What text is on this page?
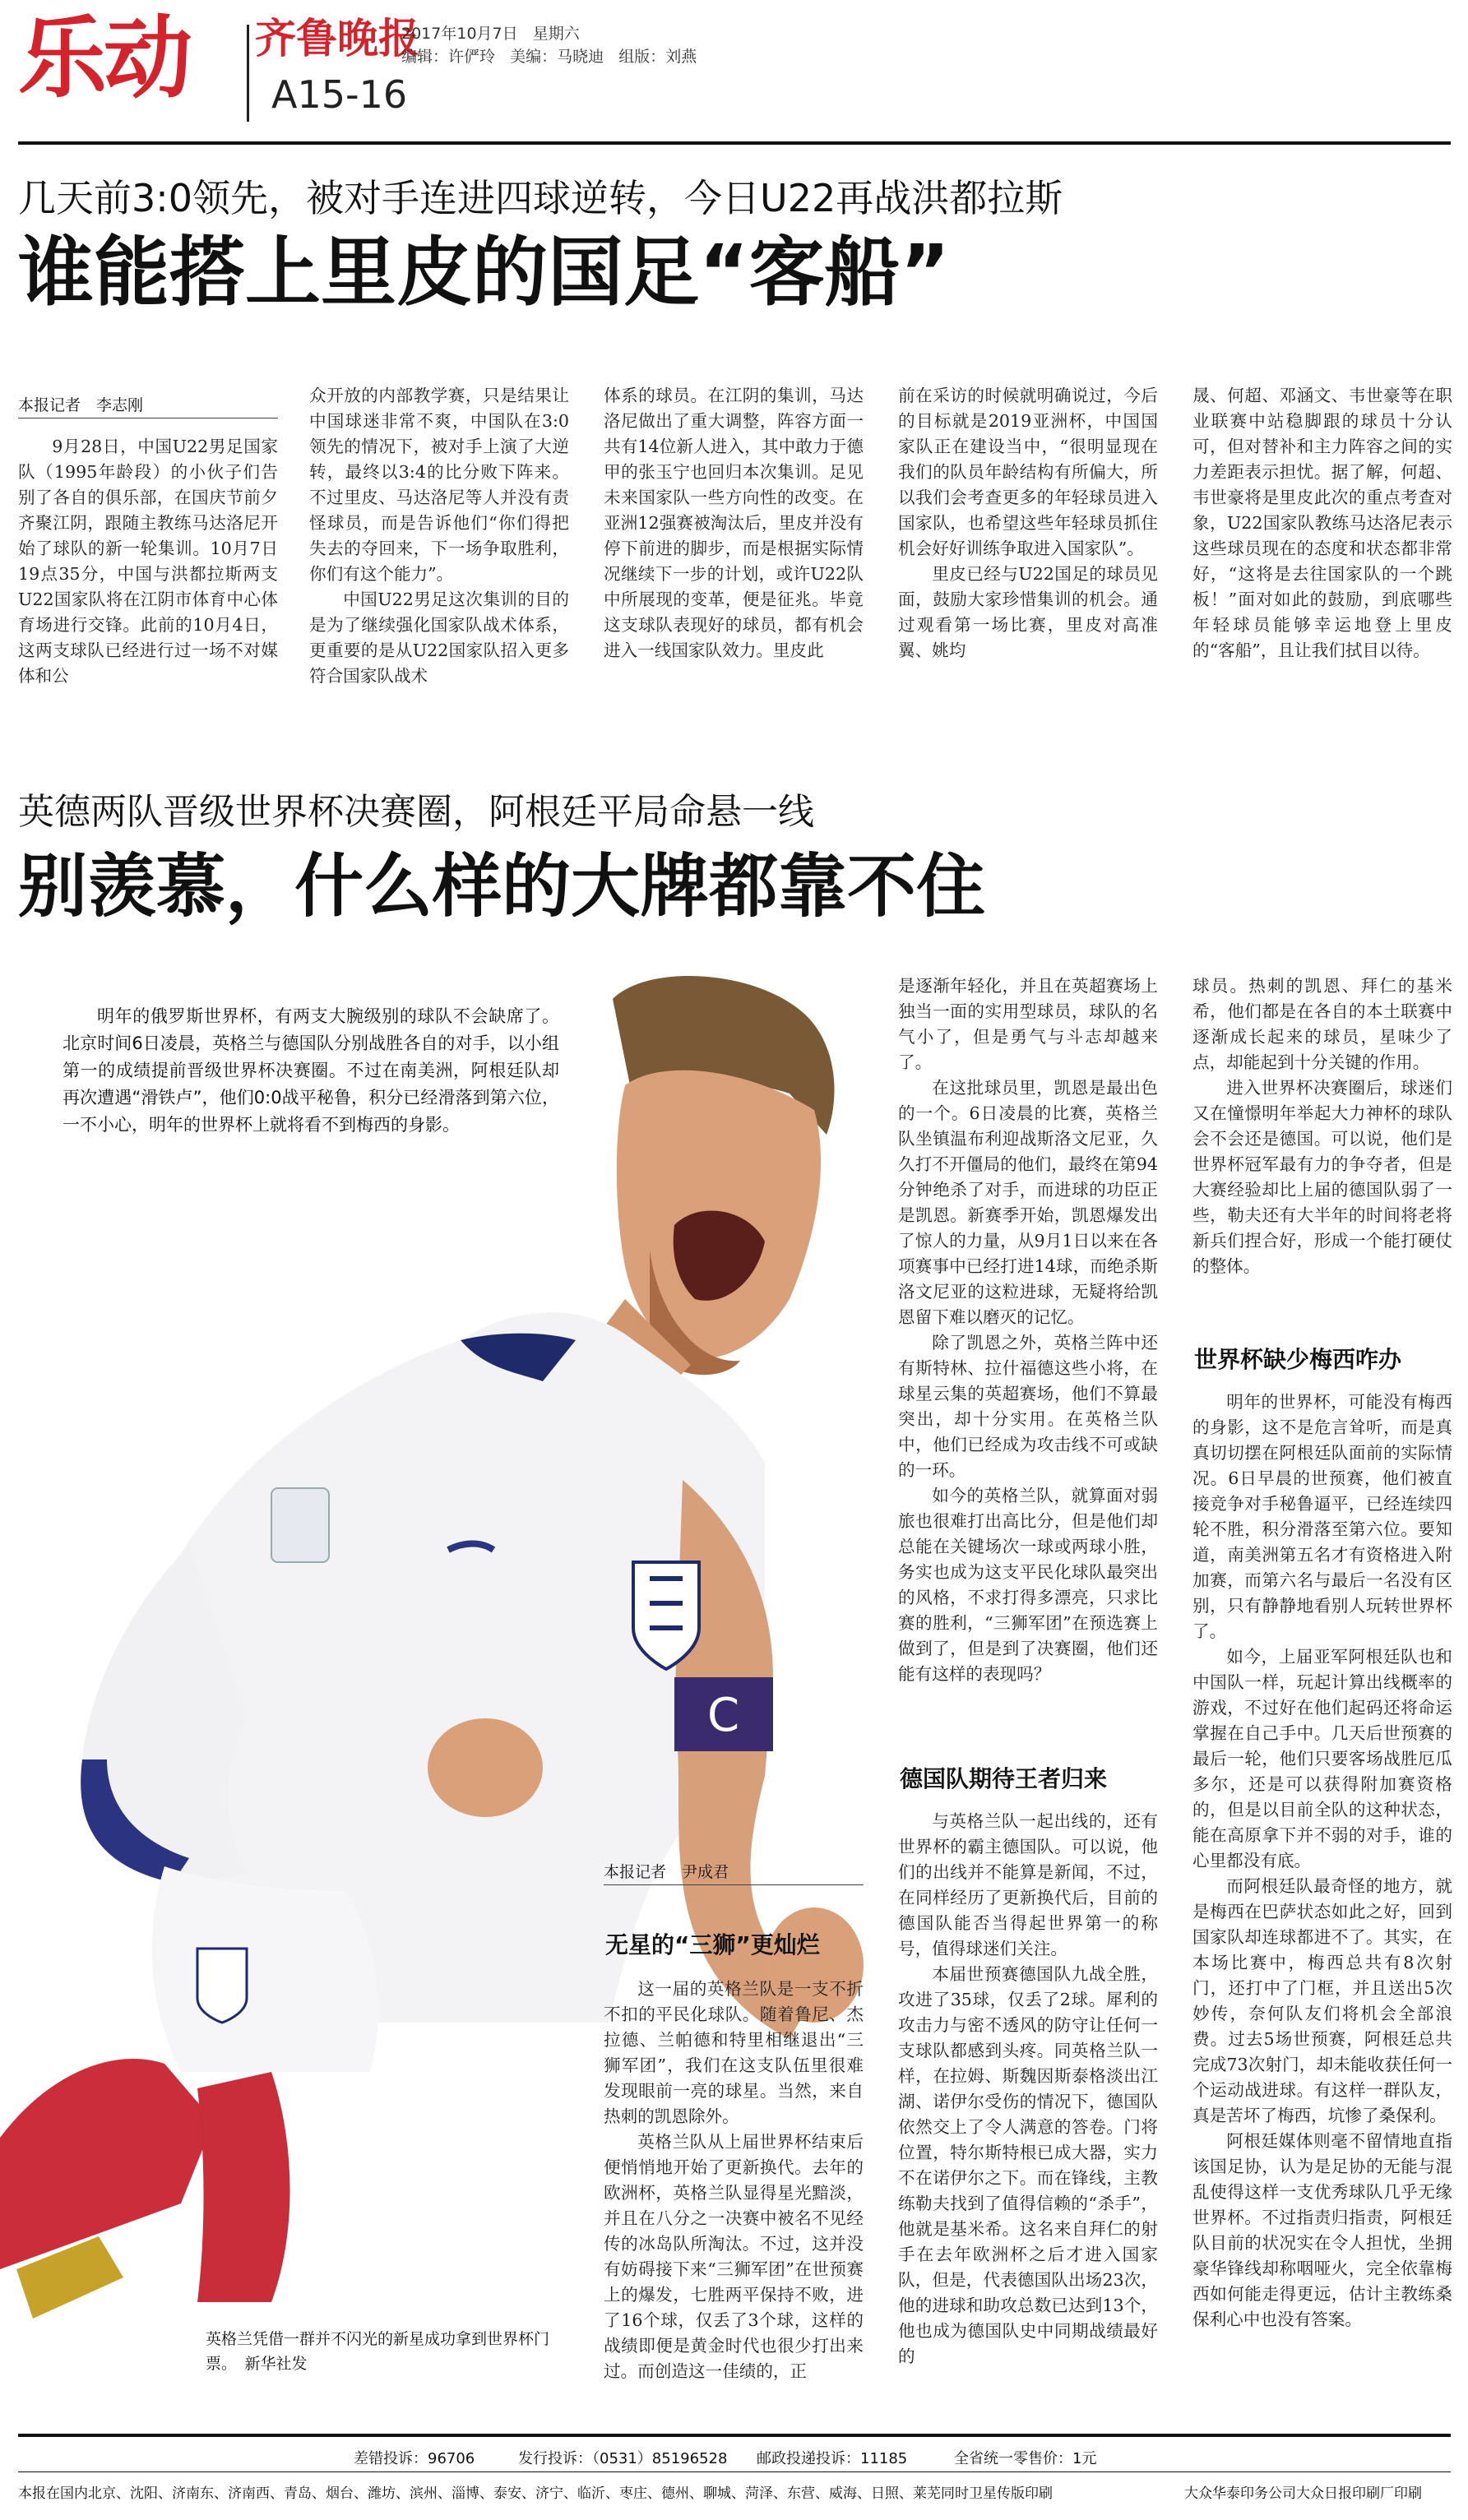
乐动 齐鲁晚报
A15-16
2017年10月7日 星期六
编辑：许俨玲 美编：马晓迪 组版：刘燕
几天前3:0领先，被对手连进四球逆转，今日U22再战洪都拉斯
谁能搭上里皮的国足“客船”
本报记者　李志刚

9月28日，中国U22男足国家队（1995年龄段）的小伙子们告别了各自的俱乐部，在国庆节前夕齐聚江阴，跟随主教练马达洛尼开始了球队的新一轮集训。10月7日19点35分，中国与洪都拉斯两支U22国家队将在江阴市体育中心体育场进行交锋。此前的10月4日，这两支球队已经进行过一场不对媒体和公

众开放的内部教学赛，只是结果让中国球迷非常不爽，中国队在3:0领先的情况下，被对手上演了大逆转，最终以3:4的比分败下阵来。不过里皮、马达洛尼等人并没有责怪球员，而是告诉他们“你们得把失去的夺回来，下一场争取胜利，你们有这个能力”。

中国U22男足这次集训的目的是为了继续强化国家队战术体系，更重要的是从U22国家队招入更多符合国家队战术

体系的球员。在江阴的集训，马达洛尼做出了重大调整，阵容方面一共有14位新人进入，其中敢力于德甲的张玉宁也回归本次集训。足见未来国家队一些方向性的改变。在亚洲12强赛被淘汰后，里皮并没有停下前进的脚步，而是根据实际情况继续下一步的计划，或许U22队中所展现的变革，便是征兆。毕竟这支球队表现好的球员，都有机会进入一线国家队效力。里皮此

前在采访的时候就明确说过，今后的目标就是2019亚洲杯，中国国家队正在建设当中，“很明显现在我们的队员年龄结构有所偏大，所以我们会考查更多的年轻球员进入国家队，也希望这些年轻球员抓住机会好好训练争取进入国家队”。

里皮已经与U22国足的球员见面，鼓励大家珍惜集训的机会。通过观看第一场比赛，里皮对高准翼、姚均

晟、何超、邓涵文、韦世豪等在职业联赛中站稳脚跟的球员十分认可，但对替补和主力阵容之间的实力差距表示担忧。据了解，何超、韦世豪将是里皮此次的重点考查对象，U22国家队教练马达洛尼表示这些球员现在的态度和状态都非常好，“这将是去往国家队的一个跳板！”面对如此的鼓励，到底哪些年轻球员能够幸运地登上里皮的“客船”，且让我们拭目以待。

英德两队晋级世界杯决赛圈，阿根廷平局命悬一线
别羡慕，什么样的大牌都靠不住
C

明年的俄罗斯世界杯，有两支大腕级别的球队不会缺席了。北京时间6日凌晨，英格兰与德国队分别战胜各自的对手，以小组第一的成绩提前晋级世界杯决赛圈。不过在南美洲，阿根廷队却再次遭遇“滑铁卢”，他们0:0战平秘鲁，积分已经滑落到第六位，一不小心，明年的世界杯上就将看不到梅西的身影。

英格兰凭借一群并不闪光的新星成功拿到世界杯门票。　新华社发
本报记者　尹成君
无星的“三狮”更灿烂

这一届的英格兰队是一支不折不扣的平民化球队。随着鲁尼、杰拉德、兰帕德和特里相继退出“三狮军团”，我们在这支队伍里很难发现眼前一亮的球星。当然，来自热刺的凯恩除外。

英格兰队从上届世界杯结束后便悄悄地开始了更新换代。去年的欧洲杯，英格兰队显得星光黯淡，并且在八分之一决赛中被名不见经传的冰岛队所淘汰。不过，这并没有妨碍接下来“三狮军团”在世预赛上的爆发，七胜两平保持不败，进了16个球，仅丢了3个球，这样的战绩即便是黄金时代也很少打出来过。而创造这一佳绩的，正

是逐渐年轻化，并且在英超赛场上独当一面的实用型球员，球队的名气小了，但是勇气与斗志却越来了。

在这批球员里，凯恩是最出色的一个。6日凌晨的比赛，英格兰队坐镇温布利迎战斯洛文尼亚，久久打不开僵局的他们，最终在第94分钟绝杀了对手，而进球的功臣正是凯恩。新赛季开始，凯恩爆发出了惊人的力量，从9月1日以来在各项赛事中已经打进14球，而绝杀斯洛文尼亚的这粒进球，无疑将给凯恩留下难以磨灭的记忆。

除了凯恩之外，英格兰阵中还有斯特林、拉什福德这些小将，在球星云集的英超赛场，他们不算最突出，却十分实用。在英格兰队中，他们已经成为攻击线不可或缺的一环。

如今的英格兰队，就算面对弱旅也很难打出高比分，但是他们却总能在关键场次一球或两球小胜，务实也成为这支平民化球队最突出的风格，不求打得多漂亮，只求比赛的胜利，“三狮军团”在预选赛上做到了，但是到了决赛圈，他们还能有这样的表现吗？

德国队期待王者归来

与英格兰队一起出线的，还有世界杯的霸主德国队。可以说，他们的出线并不能算是新闻，不过，在同样经历了更新换代后，目前的德国队能否当得起世界第一的称号，值得球迷们关注。

本届世预赛德国队九战全胜，攻进了35球，仅丢了2球。犀利的攻击力与密不透风的防守让任何一支球队都感到头疼。同英格兰队一样，在拉姆、斯魏因斯泰格淡出江湖、诺伊尔受伤的情况下，德国队依然交上了令人满意的答卷。门将位置，特尔斯特根已成大器，实力不在诺伊尔之下。而在锋线，主教练勒夫找到了值得信赖的“杀手”，他就是基米希。这名来自拜仁的射手在去年欧洲杯之后才进入国家队，但是，代表德国队出场23次，他的进球和助攻总数已达到13个，他也成为德国队史中同期战绩最好的

球员。热刺的凯恩、拜仁的基米希，他们都是在各自的本土联赛中逐渐成长起来的球员，星味少了点，却能起到十分关键的作用。

进入世界杯决赛圈后，球迷们又在憧憬明年举起大力神杯的球队会不会还是德国。可以说，他们是世界杯冠军最有力的争夺者，但是大赛经验却比上届的德国队弱了一些，勒夫还有大半年的时间将老将新兵们捏合好，形成一个能打硬仗的整体。

世界杯缺少梅西咋办

明年的世界杯，可能没有梅西的身影，这不是危言耸听，而是真真切切摆在阿根廷队面前的实际情况。6日早晨的世预赛，他们被直接竞争对手秘鲁逼平，已经连续四轮不胜，积分滑落至第六位。要知道，南美洲第五名才有资格进入附加赛，而第六名与最后一名没有区别，只有静静地看别人玩转世界杯了。

如今，上届亚军阿根廷队也和中国队一样，玩起计算出线概率的游戏，不过好在他们起码还将命运掌握在自己手中。几天后世预赛的最后一轮，他们只要客场战胜厄瓜多尔，还是可以获得附加赛资格的，但是以目前全队的这种状态，能在高原拿下并不弱的对手，谁的心里都没有底。

而阿根廷队最奇怪的地方，就是梅西在巴萨状态如此之好，回到国家队却连球都进不了。其实，在本场比赛中，梅西总共有8次射门，还打中了门框，并且送出5次妙传，奈何队友们将机会全部浪费。过去5场世预赛，阿根廷总共完成73次射门，却未能收获任何一个运动战进球。有这样一群队友，真是苦坏了梅西，坑惨了桑保利。

阿根廷媒体则毫不留情地直指该国足协，认为是足协的无能与混乱使得这样一支优秀球队几乎无缘世界杯。不过指责归指责，阿根廷队目前的状况实在令人担忧，坐拥豪华锋线却称咽哑火，完全依靠梅西如何能走得更远，估计主教练桑保利心中也没有答案。

差错投诉：96706	发行投诉：（0531）85196528 邮政投递投诉：11185	全省统一零售价：1元
本报在国内北京、沈阳、济南东、济南西、青岛、烟台、潍坊、滨州、淄博、泰安、济宁、临沂、枣庄、德州、聊城、菏泽、东营、威海、日照、莱芜同时卫星传版印刷	大众华泰印务公司大众日报印刷厂印刷
